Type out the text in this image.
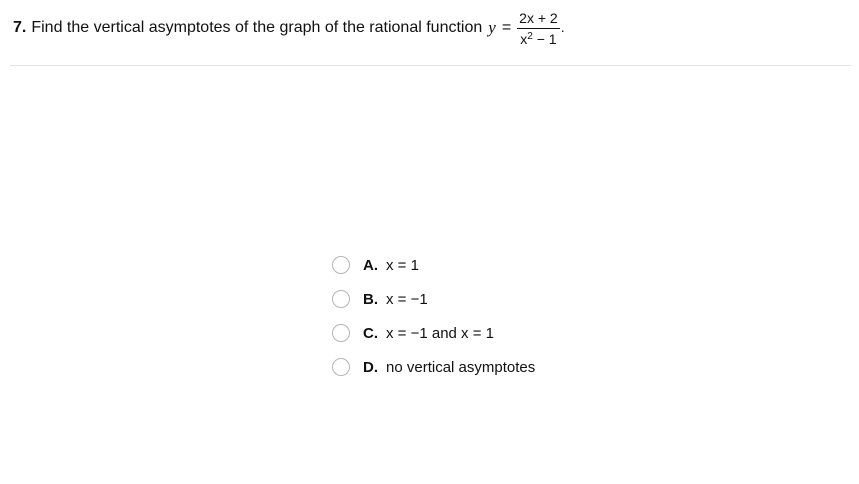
7. Find the vertical asymptotes of the graph of the rational function $y = \frac{2x + 2}{x^2 - 1}$ .
A. x = 1
B. x = −1
C. x = −1 and x = 1
D. no vertical asymptotes
